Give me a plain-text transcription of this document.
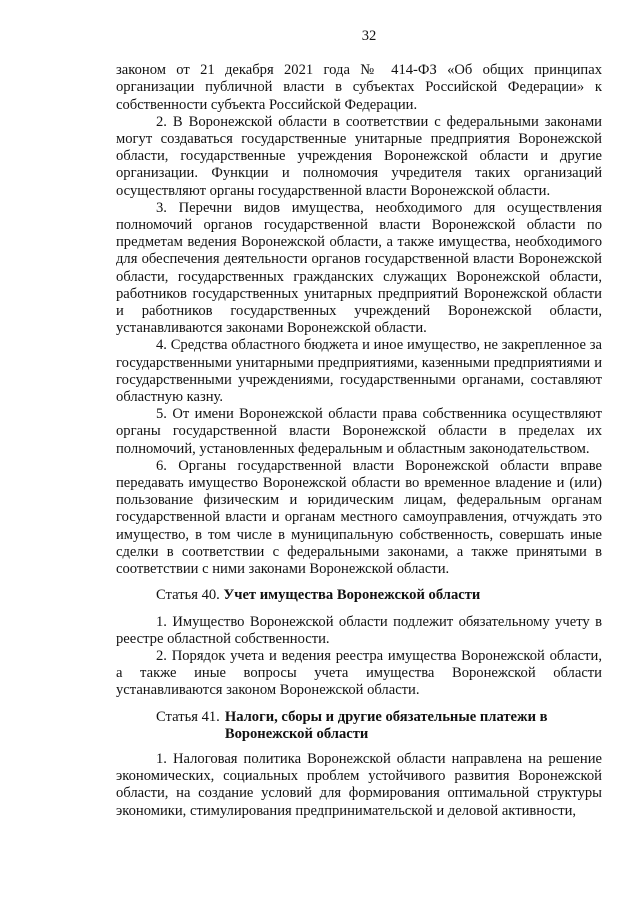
32

законом от 21 декабря 2021 года № 414-ФЗ «Об общих принципах организации публичной власти в субъектах Российской Федерации» к собственности субъекта Российской Федерации.

2. В Воронежской области в соответствии с федеральными законами могут создаваться государственные унитарные предприятия Воронежской области, государственные учреждения Воронежской области и другие организации. Функции и полномочия учредителя таких организаций осуществляют органы государственной власти Воронежской области.

3. Перечни видов имущества, необходимого для осуществления полномочий органов государственной власти Воронежской области по предметам ведения Воронежской области, а также имущества, необходимого для обеспечения деятельности органов государственной власти Воронежской области, государственных гражданских служащих Воронежской области, работников государственных унитарных предприятий Воронежской области и работников государственных учреждений Воронежской области, устанавливаются законами Воронежской области.

4. Средства областного бюджета и иное имущество, не закрепленное за государственными унитарными предприятиями, казенными предприятиями и государственными учреждениями, государственными органами, составляют областную казну.

5. От имени Воронежской области права собственника осуществляют органы государственной власти Воронежской области в пределах их полномочий, установленных федеральным и областным законодательством.

6. Органы государственной власти Воронежской области вправе передавать имущество Воронежской области во временное владение и (или) пользование физическим и юридическим лицам, федеральным органам государственной власти и органам местного самоуправления, отчуждать это имущество, в том числе в муниципальную собственность, совершать иные сделки в соответствии с федеральными законами, а также принятыми в соответствии с ними законами Воронежской области.

Статья 40. Учет имущества Воронежской области

1. Имущество Воронежской области подлежит обязательному учету в реестре областной собственности.

2. Порядок учета и ведения реестра имущества Воронежской области, а также иные вопросы учета имущества Воронежской области устанавливаются законом Воронежской области.

Статья 41. Налоги, сборы и другие обязательные платежи в Воронежской области

1. Налоговая политика Воронежской области направлена на решение экономических, социальных проблем устойчивого развития Воронежской области, на создание условий для формирования оптимальной структуры экономики, стимулирования предпринимательской и деловой активности,
